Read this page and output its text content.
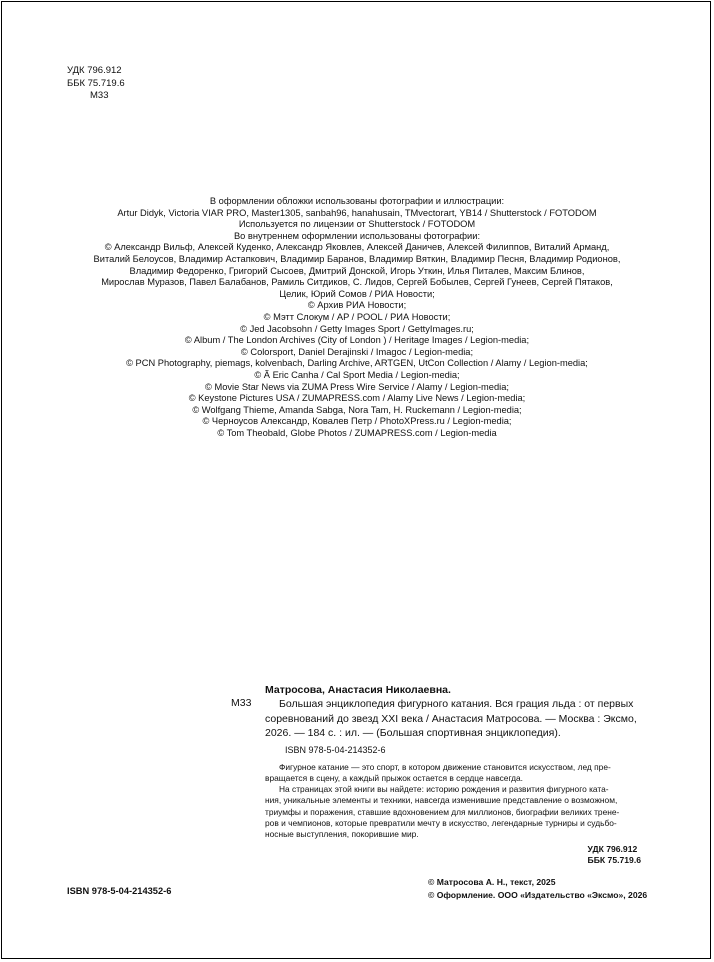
УДК 796.912
ББК 75.719.6
М33
В оформлении обложки использованы фотографии и иллюстрации:
Artur Didyk, Victoria VIAR PRO, Master1305, sanbah96, hanahusain, TMvectorart, YB14 / Shutterstock / FOTODOM
Используется по лицензии от Shutterstock / FOTODOM
Во внутреннем оформлении использованы фотографии:
© Александр Вильф, Алексей Куденко, Александр Яковлев, Алексей Даничев, Алексей Филиппов, Виталий Арманд,
Виталий Белоусов, Владимир Астапкович, Владимир Баранов, Владимир Вяткин, Владимир Песня, Владимир Родионов,
Владимир Федоренко, Григорий Сысоев, Дмитрий Донской, Игорь Уткин, Илья Питалев, Максим Блинов,
Мирослав Муразов, Павел Балабанов, Рамиль Ситдиков, С. Лидов, Сергей Бобылев, Сергей Гунеев, Сергей Пятаков,
Целик, Юрий Сомов / РИА Новости;
© Архив РИА Новости;
© Мэтт Слокум / AP / POOL / РИА Новости;
© Jed Jacobsohn / Getty Images Sport / GettyImages.ru;
© Album / The London Archives (City of London ) / Heritage Images / Legion-media;
© Colorsport, Daniel Derajinski / Imagoc / Legion-media;
© PCN Photography, piemags, kolvenbach, Darling Archive, ARTGEN, UtCon Collection / Alamy / Legion-media;
© Ã Eric Canha / Cal Sport Media / Legion-media;
© Movie Star News via ZUMA Press Wire Service / Alamy / Legion-media;
© Keystone Pictures USA / ZUMAPRESS.com / Alamy Live News / Legion-media;
© Wolfgang Thieme, Amanda Sabga, Nora Tam, H. Ruckemann / Legion-media;
© Черноусов Александр, Ковалев Петр / PhotoXPress.ru / Legion-media;
© Tom Theobald, Globe Photos / ZUMAPRESS.com / Legion-media
М33
Матросова, Анастасия Николаевна.
Большая энциклопедия фигурного катания. Вся грация льда : от первых
соревнований до звезд XXI века / Анастасия Матросова. — Москва : Эксмо,
2026. — 184 с. : ил. — (Большая спортивная энциклопедия).
ISBN 978-5-04-214352-6
Фигурное катание — это спорт, в котором движение становится искусством, лед пре-
вращается в сцену, а каждый прыжок остается в сердце навсегда.
На страницах этой книги вы найдете: историю рождения и развития фигурного ката-
ния, уникальные элементы и техники, навсегда изменившие представление о возможном,
триумфы и поражения, ставшие вдохновением для миллионов, биографии великих трене-
ров и чемпионов, которые превратили мечту в искусство, легендарные турниры и судьбо-
носные выступления, покорившие мир.
УДК 796.912
ББК 75.719.6
ISBN 978-5-04-214352-6
© Матросова А. Н., текст, 2025
© Оформление. ООО «Издательство «Эксмо», 2026
